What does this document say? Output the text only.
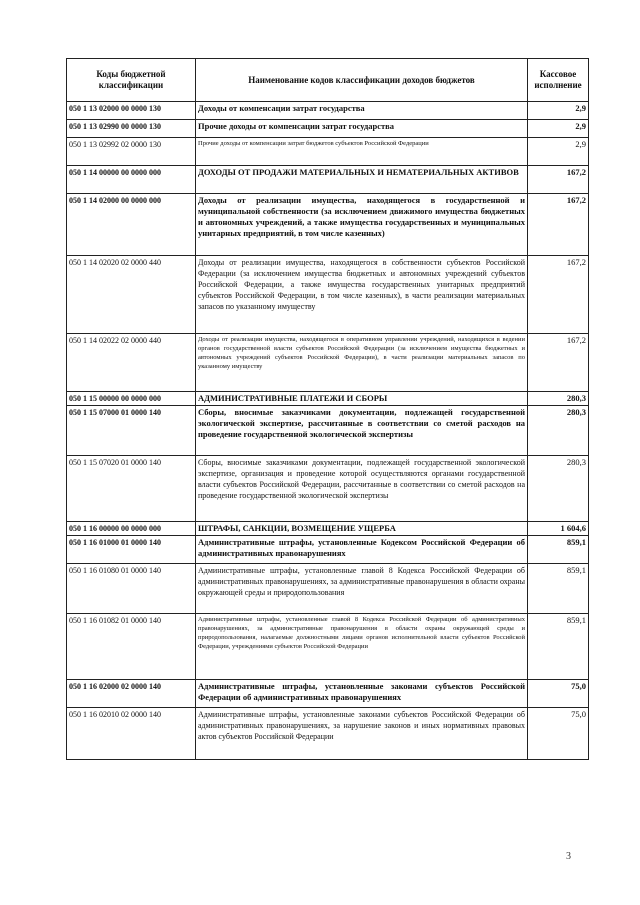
Коды бюджетной классификации	Наименование кодов классификации доходов бюджетов	Кассовое исполнение
050 1 13 02000 00 0000 130	Доходы от компенсации затрат государства	2,9
050 1 13 02990 00 0000 130	Прочие доходы от компенсации затрат государства	2,9
050 1 13 02992 02 0000 130	Прочие доходы от компенсации затрат бюджетов субъектов Российской Федерации	2,9
050 1 14 00000 00 0000 000	ДОХОДЫ ОТ ПРОДАЖИ МАТЕРИАЛЬНЫХ И НЕМАТЕРИАЛЬНЫХ АКТИВОВ	167,2
050 1 14 02000 00 0000 000	Доходы от реализации имущества, находящегося в государственной и муниципальной собственности (за исключением движимого имущества бюджетных и автономных учреждений, а также имущества государственных и муниципальных унитарных предприятий, в том числе казенных)	167,2
050 1 14 02020 02 0000 440	Доходы от реализации имущества, находящегося в собственности субъектов Российской Федерации (за исключением имущества бюджетных и автономных учреждений субъектов Российской Федерации, а также имущества государственных унитарных предприятий субъектов Российской Федерации, в том числе казенных), в части реализации материальных запасов по указанному имуществу	167,2
050 1 14 02022 02 0000 440	Доходы от реализации имущества, находящегося в оперативном управлении учреждений, находящихся в ведении органов государственной власти субъектов Российской Федерации (за исключением имущества бюджетных и автономных учреждений субъектов Российской Федерации), в части реализации материальных запасов по указанному имуществу	167,2
050 1 15 00000 00 0000 000	АДМИНИСТРАТИВНЫЕ ПЛАТЕЖИ И СБОРЫ	280,3
050 1 15 07000 01 0000 140	Сборы, вносимые заказчиками документации, подлежащей государственной экологической экспертизе, рассчитанные в соответствии со сметой расходов на проведение государственной экологической экспертизы	280,3
050 1 15 07020 01 0000 140	Сборы, вносимые заказчиками документации, подлежащей государственной экологической экспертизе, организация и проведение которой осуществляются органами государственной власти субъектов Российской Федерации, рассчитанные в соответствии со сметой расходов на проведение государственной экологической экспертизы	280,3
050 1 16 00000 00 0000 000	ШТРАФЫ, САНКЦИИ, ВОЗМЕЩЕНИЕ УЩЕРБА	1 604,6
050 1 16 01000 01 0000 140	Административные штрафы, установленные Кодексом Российской Федерации об административных правонарушениях	859,1
050 1 16 01080 01 0000 140	Административные штрафы, установленные главой 8 Кодекса Российской Федерации об административных правонарушениях, за административные правонарушения в области охраны окружающей среды и природопользования	859,1
050 1 16 01082 01 0000 140	Административные штрафы, установленные главой 8 Кодекса Российской Федерации об административных правонарушениях, за административные правонарушения в области охраны окружающей среды и природопользования, налагаемые должностными лицами органов исполнительной власти субъектов Российской Федерации, учреждениями субъектов Российской Федерации	859,1
050 1 16 02000 02 0000 140	Административные штрафы, установленные законами субъектов Российской Федерации об административных правонарушениях	75,0
050 1 16 02010 02 0000 140	Административные штрафы, установленные законами субъектов Российской Федерации об административных правонарушениях, за нарушение законов и иных нормативных правовых актов субъектов Российской Федерации	75,0
3
